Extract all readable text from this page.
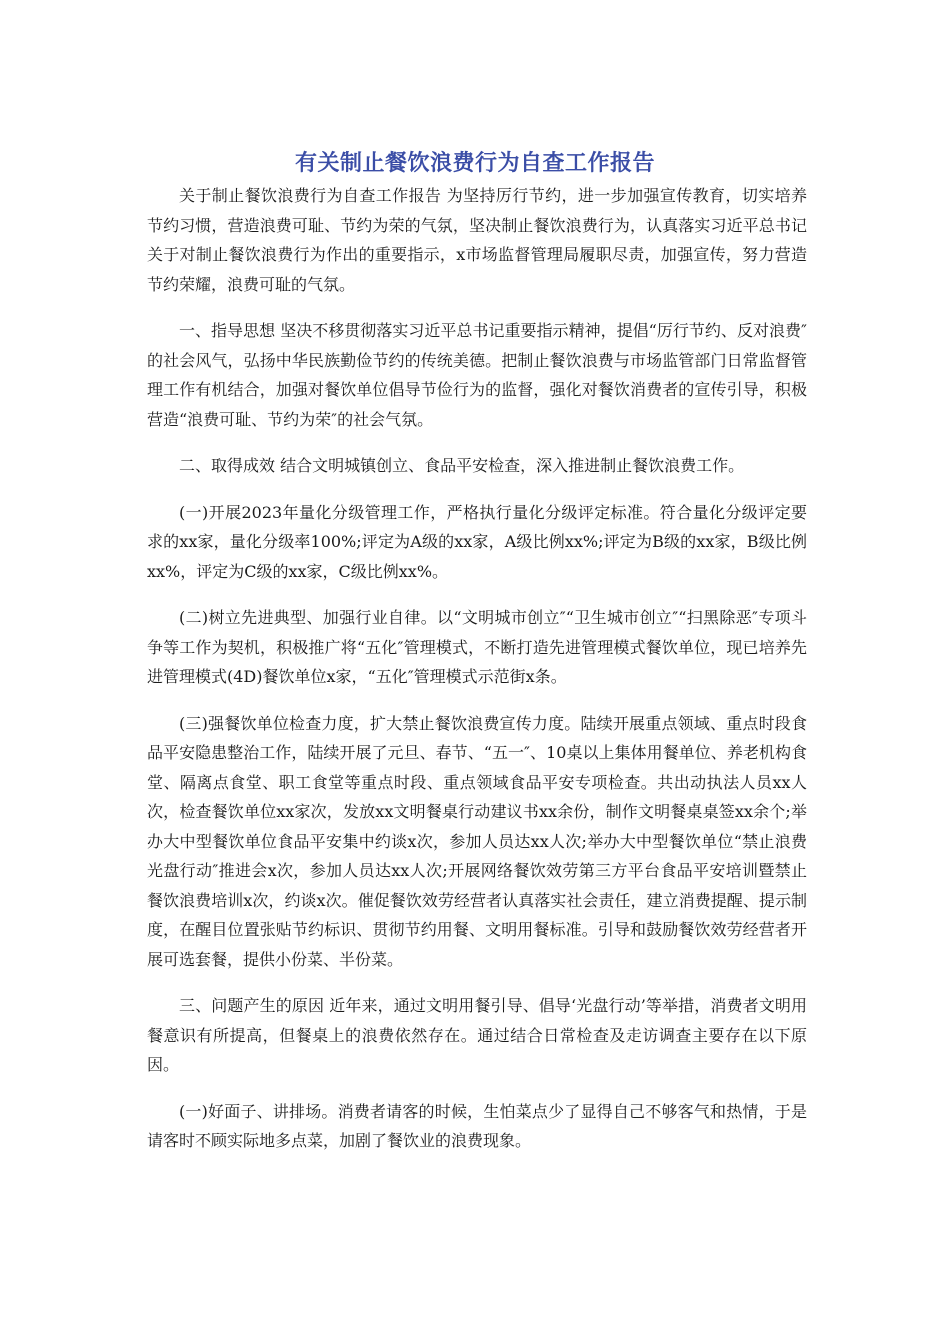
有关制止餐饮浪费行为自查工作报告

关于制止餐饮浪费行为自查工作报告 为坚持厉行节约，进一步加强宣传教育，切实培养节约习惯，营造浪费可耻、节约为荣的气氛，坚决制止餐饮浪费行为，认真落实习近平总书记关于对制止餐饮浪费行为作出的重要指示，x市场监督管理局履职尽责，加强宣传，努力营造节约荣耀，浪费可耻的气氛。

一、指导思想 坚决不移贯彻落实习近平总书记重要指示精神，提倡“厉行节约、反对浪费″的社会风气，弘扬中华民族勤俭节约的传统美德。把制止餐饮浪费与市场监管部门日常监督管理工作有机结合，加强对餐饮单位倡导节俭行为的监督，强化对餐饮消费者的宣传引导，积极营造“浪费可耻、节约为荣″的社会气氛。

二、取得成效 结合文明城镇创立、食品平安检查，深入推进制止餐饮浪费工作。

(一)开展2023年量化分级管理工作，严格执行量化分级评定标准。符合量化分级评定要求的xx家，量化分级率100%;评定为A级的xx家，A级比例xx%;评定为B级的xx家，B级比例xx%，评定为C级的xx家，C级比例xx%。

(二)树立先进典型、加强行业自律。以“文明城市创立″“卫生城市创立″“扫黑除恶″专项斗争等工作为契机，积极推广将“五化″管理模式，不断打造先进管理模式餐饮单位，现已培养先进管理模式(4D)餐饮单位x家，“五化″管理模式示范街x条。

(三)强餐饮单位检查力度，扩大禁止餐饮浪费宣传力度。陆续开展重点领域、重点时段食品平安隐患整治工作，陆续开展了元旦、春节、“五一″、10桌以上集体用餐单位、养老机构食堂、隔离点食堂、职工食堂等重点时段、重点领域食品平安专项检查。共出动执法人员xx人次，检查餐饮单位xx家次，发放xx文明餐桌行动建议书xx余份，制作文明餐桌桌签xx余个;举办大中型餐饮单位食品平安集中约谈x次，参加人员达xx人次;举办大中型餐饮单位“禁止浪费 光盘行动″推进会x次，参加人员达xx人次;开展网络餐饮效劳第三方平台食品平安培训暨禁止餐饮浪费培训x次，约谈x次。催促餐饮效劳经营者认真落实社会责任，建立消费提醒、提示制度，在醒目位置张贴节约标识、贯彻节约用餐、文明用餐标准。引导和鼓励餐饮效劳经营者开展可选套餐，提供小份菜、半份菜。

三、问题产生的原因 近年来，通过文明用餐引导、倡导‘光盘行动’等举措，消费者文明用餐意识有所提高，但餐桌上的浪费依然存在。通过结合日常检查及走访调查主要存在以下原因。

(一)好面子、讲排场。消费者请客的时候，生怕菜点少了显得自己不够客气和热情，于是请客时不顾实际地多点菜，加剧了餐饮业的浪费现象。
